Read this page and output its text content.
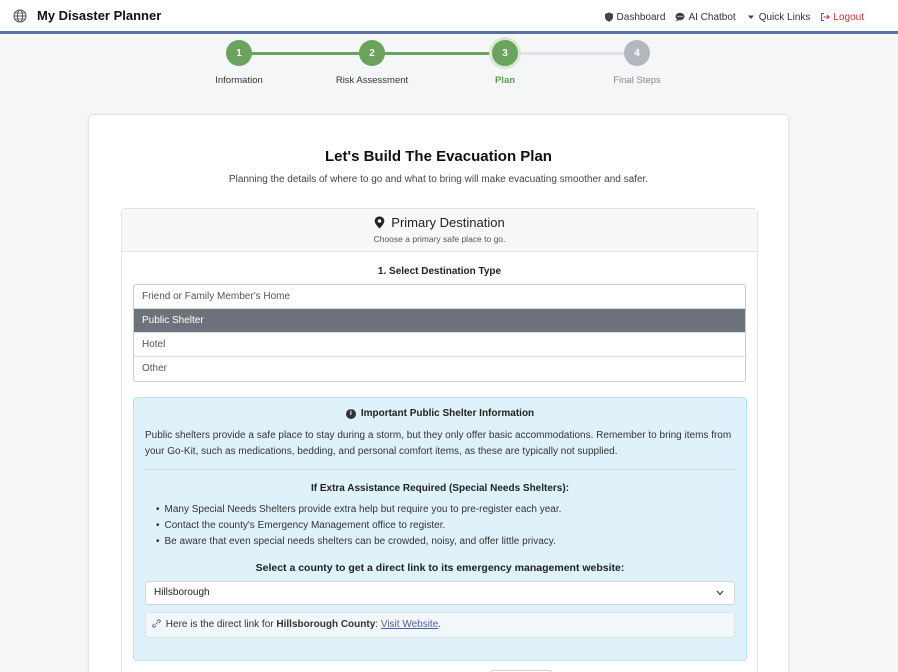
My Disaster Planner	Dashboard AI Chatbot Quick Links Logout
1
Information
2
Risk Assessment
3
Plan
4
Final Steps
Let's Build The Evacuation Plan
Planning the details of where to go and what to bring will make evacuating smoother and safer.
Primary Destination
Choose a primary safe place to go.
1. Select Destination Type
Friend or Family Member's Home
Public Shelter
Hotel
Other
i Important Public Shelter Information
Public shelters provide a safe place to stay during a storm, but they only offer basic accommodations. Remember to bring items from your Go-Kit, such as medications, bedding, and personal comfort items, as these are typically not supplied.
If Extra Assistance Required (Special Needs Shelters):
• Many Special Needs Shelters provide extra help but require you to pre-register each year.
• Contact the county's Emergency Management office to register.
• Be aware that even special needs shelters can be crowded, noisy, and offer little privacy.
Select a county to get a direct link to its emergency management website:
Hillsborough
Here is the direct link for Hillsborough County: Visit Website.
